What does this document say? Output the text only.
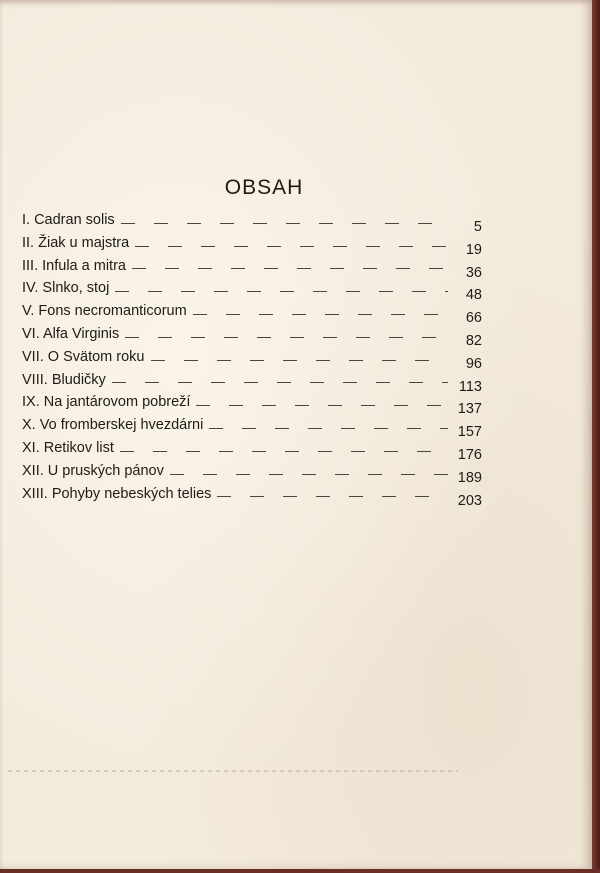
OBSAH
I. Cadran solis	5
II. Žiak u majstra	19
III. Infula a mitra	36
IV. Slnko, stoj	48
V. Fons necromanticorum	66
VI. Alfa Virginis	82
VII. O Svätom roku	96
VIII. Bludičky	113
IX. Na jantárovom pobreží	137
X. Vo fromberskej hvezdárni	157
XI. Retikov list	176
XII. U pruských pánov	189
XIII. Pohyby nebeských telies	203
